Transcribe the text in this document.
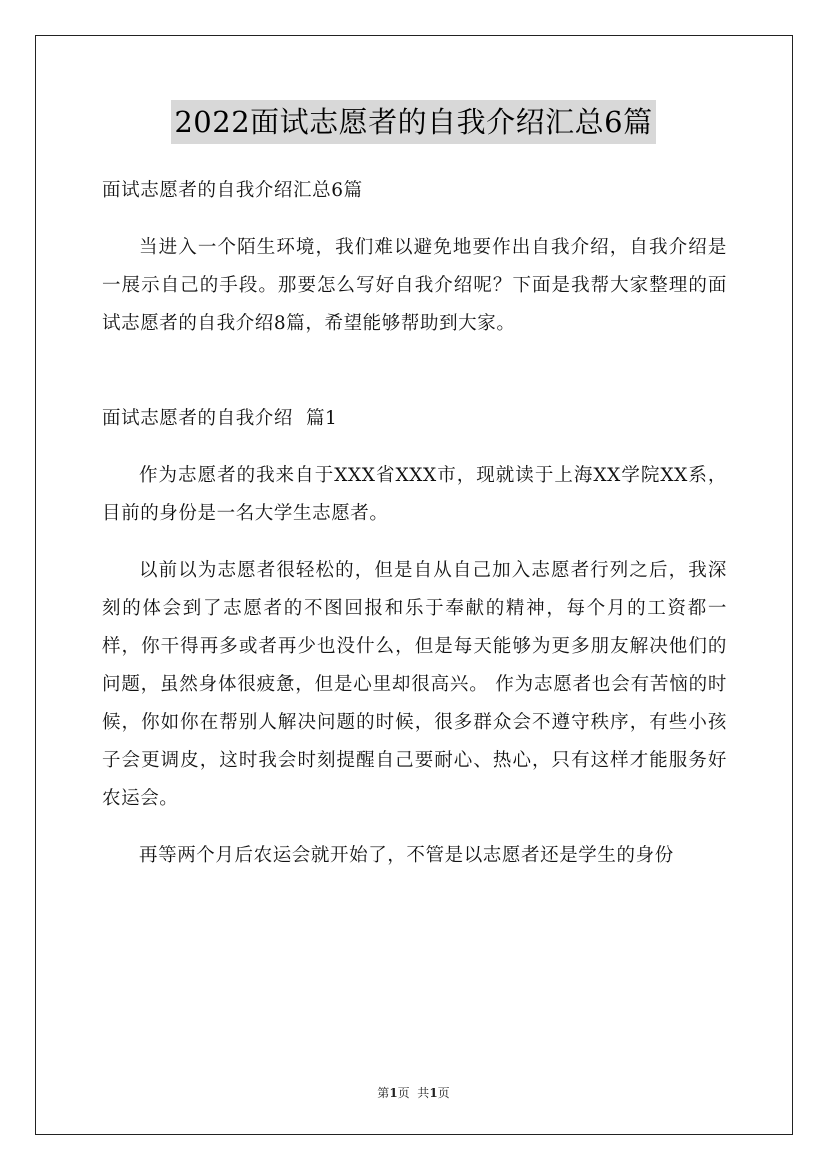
2022面试志愿者的自我介绍汇总6篇

面试志愿者的自我介绍汇总6篇

当进入一个陌生环境，我们难以避免地要作出自我介绍，自我介绍是一展示自己的手段。那要怎么写好自我介绍呢？下面是我帮大家整理的面试志愿者的自我介绍8篇，希望能够帮助到大家。

面试志愿者的自我介绍  篇1

作为志愿者的我来自于XXX省XXX市，现就读于上海XX学院XX系，目前的身份是一名大学生志愿者。

以前以为志愿者很轻松的，但是自从自己加入志愿者行列之后，我深刻的体会到了志愿者的不图回报和乐于奉献的精神，每个月的工资都一样，你干得再多或者再少也没什么，但是每天能够为更多朋友解决他们的问题，虽然身体很疲惫，但是心里却很高兴。 作为志愿者也会有苦恼的时候，你如你在帮别人解决问题的时候，很多群众会不遵守秩序，有些小孩子会更调皮，这时我会时刻提醒自己要耐心、热心，只有这样才能服务好农运会。

再等两个月后农运会就开始了，不管是以志愿者还是学生的身份

第1页  共1页
